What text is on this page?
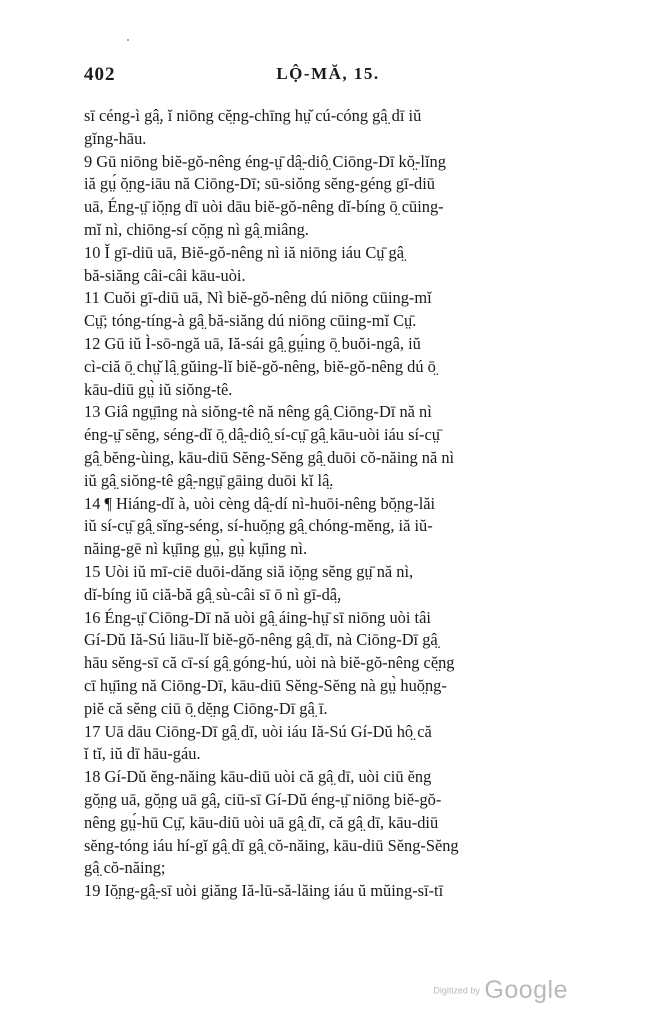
402	LỘ-MĂ, 15.
sī céng-ì gâ̤, ĭ niōng cĕ̤ng-chīng hṳ̆ cú-cóng gâ̤ dī iŭ
gĭng-hāu.
9 Gū niōng biĕ-gŏ-nêng éng-ṳ̄ dâ̤-diô̤ Ciōng-Dī kŏ̤-lĭng
iă gṳ́ ŏ̤ng-iāu nă Ciōng-Dī; sū-siŏng sĕng-géng gī-diū
uā, Éng-ṳ̄ iŏ̤ng dī uòi dāu biĕ-gŏ-nêng dĭ-bíng ō̤ cūing-
mĭ nì, chiōng-sí cŏ̤ng nì gâ̤ miâng.
10 Ĭ gī-diū uā, Biĕ-gŏ-nêng nì iă niōng iáu Cṳ̄ gâ̤
bă-siăng câi-câi kāu-uòi.
11 Cuŏi gī-diū uā, Nì biĕ-gŏ-nêng dú niōng cūing-mĭ
Cṳ̄; tóng-tíng-à gâ̤ bă-siăng dú niōng cūing-mĭ Cṳ̄.
12 Gū iŭ Ì-sō-ngă uā, Iă-sái gâ̤ gṳ́ing ō̤ buŏi-ngâ, iŭ
cì-ciă ō̤ chṳ̆ lâ̤ gŭing-lĭ biĕ-gŏ-nêng, biĕ-gŏ-nêng dú ō̤
kāu-diū gṳ̀ iŭ siŏng-tê.
13 Giâ ngṳ̄ing nà siŏng-tê nă nêng gâ̤ Ciōng-Dī nă nì
éng-ṳ̄ sĕng, séng-dĭ ō̤ dâ̤-diô̤ sí-cṳ̄ gâ̤ kāu-uòi iáu sí-cṳ̄
gâ̤ bĕng-ùing, kāu-diū Sĕng-Sĕng gâ̤ duōi cŏ-năing nă nì
iŭ gâ̤ siŏng-tê gâ̤-ngṳ̄ gāing duōi kĭ lâ̤.
14 ¶ Hiáng-dĭ à, uòi cèng dâ̤-dí nì-huōi-nêng bŏ̤ng-lăi
iŭ sí-cṳ̄ gâ̤ sĭng-séng, sí-huŏ̤ng gâ̤ chóng-mĕng, iă iŭ-
năing-gē nì kṳ̄ing gṳ̀, gṳ̀ kṳ̄ing nì.
15 Uòi iŭ mī-ciē duōi-dăng siă iŏ̤ng sĕng gṳ̄ nă nì,
dĭ-bíng iŭ ciă-bă gâ̤ sù-câi sī ō nì gī-dâ̤,
16 Éng-ṳ̄ Ciōng-Dī nă uòi gâ̤ áing-hṳ̄ sī niōng uòi tâi
Gí-Dŭ Iă-Sú liāu-lĭ biĕ-gŏ-nêng gâ̤ dī, nà Ciōng-Dī gâ̤
hāu sĕng-sī că cī-sí gâ̤ góng-hú, uòi nà biĕ-gŏ-nêng cĕ̤ng
cī hṳ̄ing nă Ciōng-Dī, kāu-diū Sĕng-Sĕng nà gṳ̀ huŏ̤ng-
piĕ că sĕng ciū ō̤ dĕ̤ng Ciōng-Dī gâ̤ ī.
17 Uā dāu Ciōng-Dī gâ̤ dī, uòi iáu Iă-Sú Gí-Dŭ hô̤ că
ĭ tĭ, iŭ dī hāu-gáu.
18 Gí-Dŭ ĕng-năing kāu-diū uòi că gâ̤ dī, uòi ciū ĕng
gŏ̤ng uā, gŏ̤ng uā gâ̤, ciū-sī Gí-Dŭ éng-ṳ̄ niōng biĕ-gŏ-
nêng gṳ́-hū Cṳ̄, kāu-diū uòi uā gâ̤ dī, că gâ̤ dī, kāu-diū
sĕng-tóng iáu hí-gĭ gâ̤ dī gâ̤ cŏ-năing, kāu-diū Sĕng-Sĕng
gâ̤ cŏ-năing;
19 Iŏ̤ng-gâ̤-sī uòi giăng Iă-lū-să-lăing iáu ŭ mŭing-sī-tī
Digitized by Google
